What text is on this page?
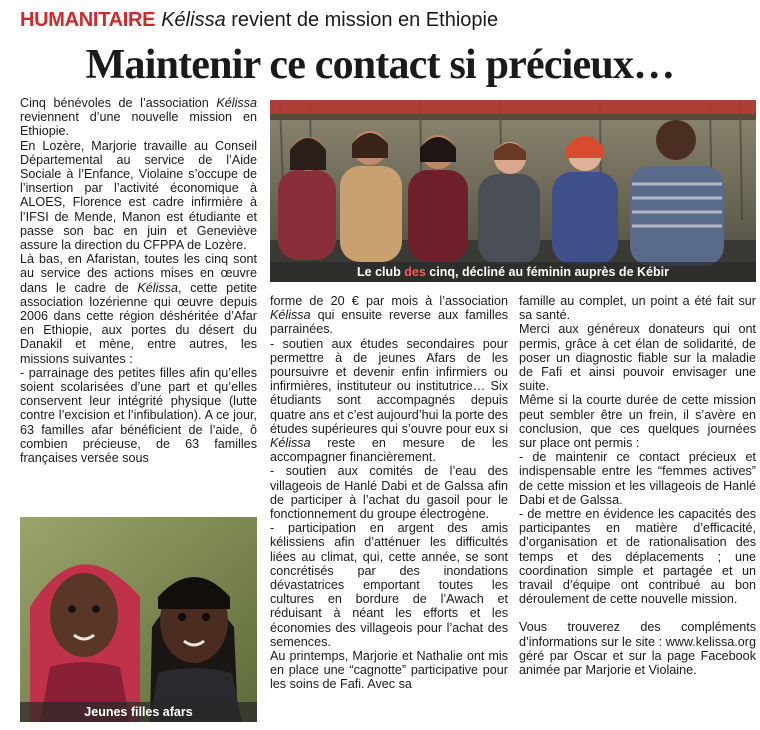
HUMANITAIRE Kélissa revient de mission en Ethiopie
Maintenir ce contact si précieux…

Cinq bénévoles de l’association Kélissa reviennent d’une nouvelle mission en Ethiopie.

En Lozère, Marjorie travaille au Conseil Départemental au service de l’Aide Sociale à l’Enfance, Violaine s’occupe de l’insertion par l’activité économique à ALOES, Florence est cadre infirmière à l’IFSI de Mende, Manon est étudiante et passe son bac en juin et Geneviève assure la direction du CFPPA de Lozère.

Là bas, en Afaristan, toutes les cinq sont au service des actions mises en œuvre dans le cadre de Kélissa, cette petite association lozérienne qui œuvre depuis 2006 dans cette région déshéritée d’Afar en Ethiopie, aux portes du désert du Danakil et mène, entre autres, les missions suivantes :

- parrainage des petites filles afin qu’elles soient scolarisées d’une part et qu’elles conservent leur intégrité physique (lutte contre l’excision et l’infibulation). A ce jour, 63 familles afar bénéficient de l’aide, ô combien précieuse, de 63 familles françaises versée sous

Le club des cinq, décliné au féminin auprès de Kébir
Jeunes filles afars

forme de 20 € par mois à l’association Kélissa qui ensuite reverse aux familles parrainées.

- soutien aux études secondaires pour permettre à de jeunes Afars de les poursuivre et devenir enfin infirmiers ou infirmières, instituteur ou institutrice… Six étudiants sont accompagnés depuis quatre ans et c’est aujourd’hui la porte des études supérieures qui s’ouvre pour eux si Kélissa reste en mesure de les accompagner financièrement.

- soutien aux comités de l’eau des villageois de Hanlé Dabi et de Galssa afin de participer à l’achat du gasoil pour le fonctionnement du groupe électrogène.

- participation en argent des amis kélissiens afin d’atténuer les difficultés liées au climat, qui, cette année, se sont concrétisés par des inondations dévastatrices emportant toutes les cultures en bordure de l’Awach et réduisant à néant les efforts et les économies des villageois pour l’achat des semences.

Au printemps, Marjorie et Nathalie ont mis en place une “cagnotte” participative pour les soins de Fafi. Avec sa

famille au complet, un point a été fait sur sa santé.

Merci aux généreux donateurs qui ont permis, grâce à cet élan de solidarité, de poser un diagnostic fiable sur la maladie de Fafi et ainsi pouvoir envisager une suite.

Même si la courte durée de cette mission peut sembler être un frein, il s’avère en conclusion, que ces quelques journées sur place ont permis :

- de maintenir ce contact précieux et indispensable entre les “femmes actives” de cette mission et les villageois de Hanlé Dabi et de Galssa.

- de mettre en évidence les capacités des participantes en matière d’efficacité, d’organisation et de rationalisation des temps et des déplacements ; une coordination simple et partagée et un travail d’équipe ont contribué au bon déroulement de cette nouvelle mission.

Vous trouverez des compléments d’informations sur le site : www.kelissa.org géré par Oscar et sur la page Facebook animée par Marjorie et Violaine.
